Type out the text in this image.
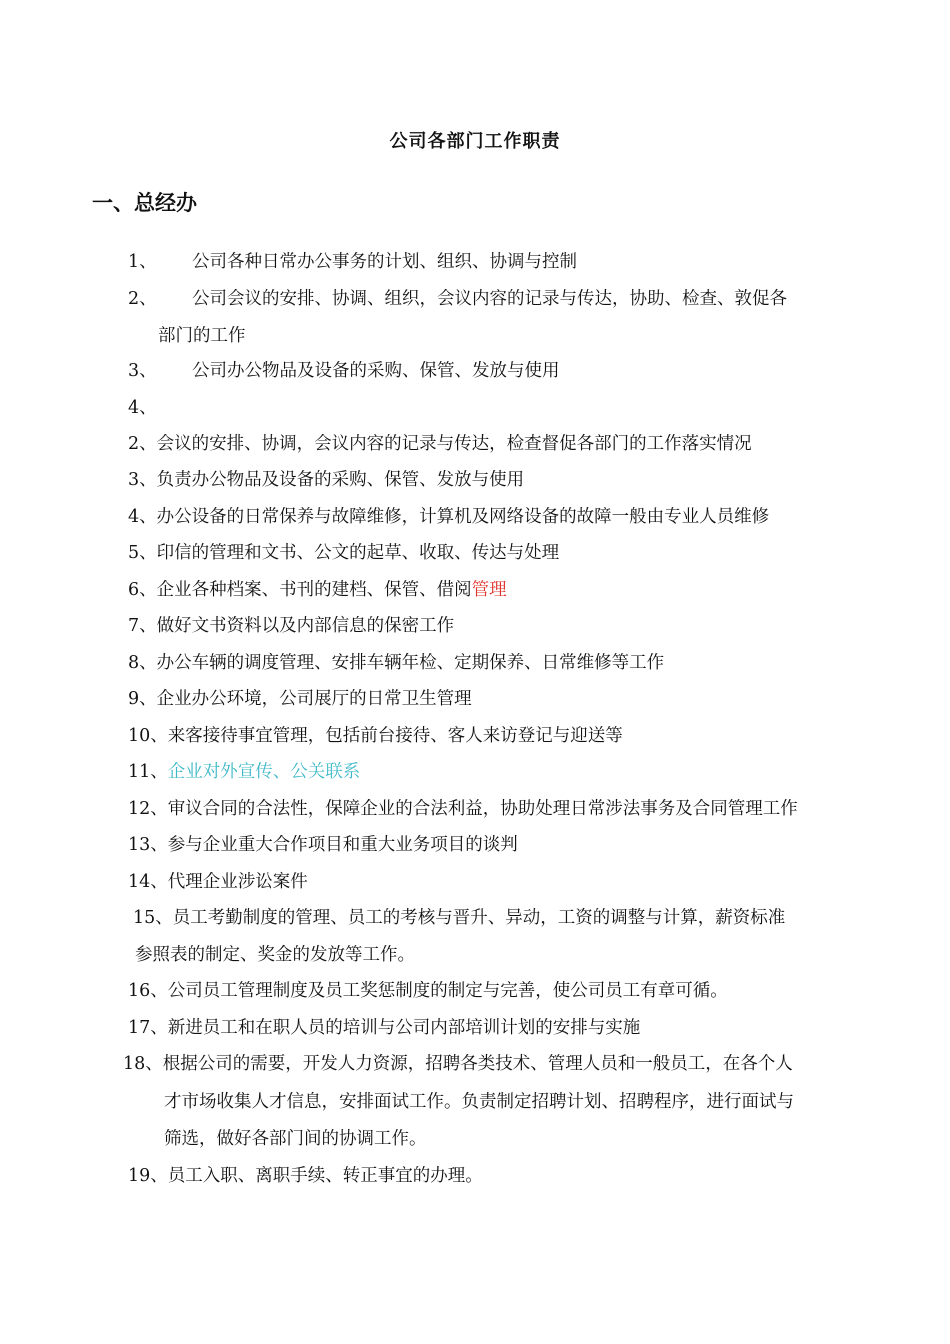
公司各部门工作职责
一、总经办
1、 公司各种日常办公事务的计划、组织、协调与控制
2、 公司会议的安排、协调、组织，会议内容的记录与传达，协助、检查、敦促各
部门的工作
3、 公司办公物品及设备的采购、保管、发放与使用
4、
2、会议的安排、协调，会议内容的记录与传达，检查督促各部门的工作落实情况
3、负责办公物品及设备的采购、保管、发放与使用
4、办公设备的日常保养与故障维修，计算机及网络设备的故障一般由专业人员维修
5、印信的管理和文书、公文的起草、收取、传达与处理
6、企业各种档案、书刊的建档、保管、借阅管理
7、做好文书资料以及内部信息的保密工作
8、办公车辆的调度管理、安排车辆年检、定期保养、日常维修等工作
9、企业办公环境，公司展厅的日常卫生管理
10、来客接待事宜管理，包括前台接待、客人来访登记与迎送等
11、企业对外宣传、公关联系
12、审议合同的合法性，保障企业的合法利益，协助处理日常涉法事务及合同管理工作
13、参与企业重大合作项目和重大业务项目的谈判
14、代理企业涉讼案件
15、员工考勤制度的管理、员工的考核与晋升、异动，工资的调整与计算，薪资标准
参照表的制定、奖金的发放等工作。
16、公司员工管理制度及员工奖惩制度的制定与完善，使公司员工有章可循。
17、新进员工和在职人员的培训与公司内部培训计划的安排与实施
18、根据公司的需要，开发人力资源，招聘各类技术、管理人员和一般员工，在各个人
才市场收集人才信息，安排面试工作。负责制定招聘计划、招聘程序，进行面试与
筛选，做好各部门间的协调工作。
19、员工入职、离职手续、转正事宜的办理。
